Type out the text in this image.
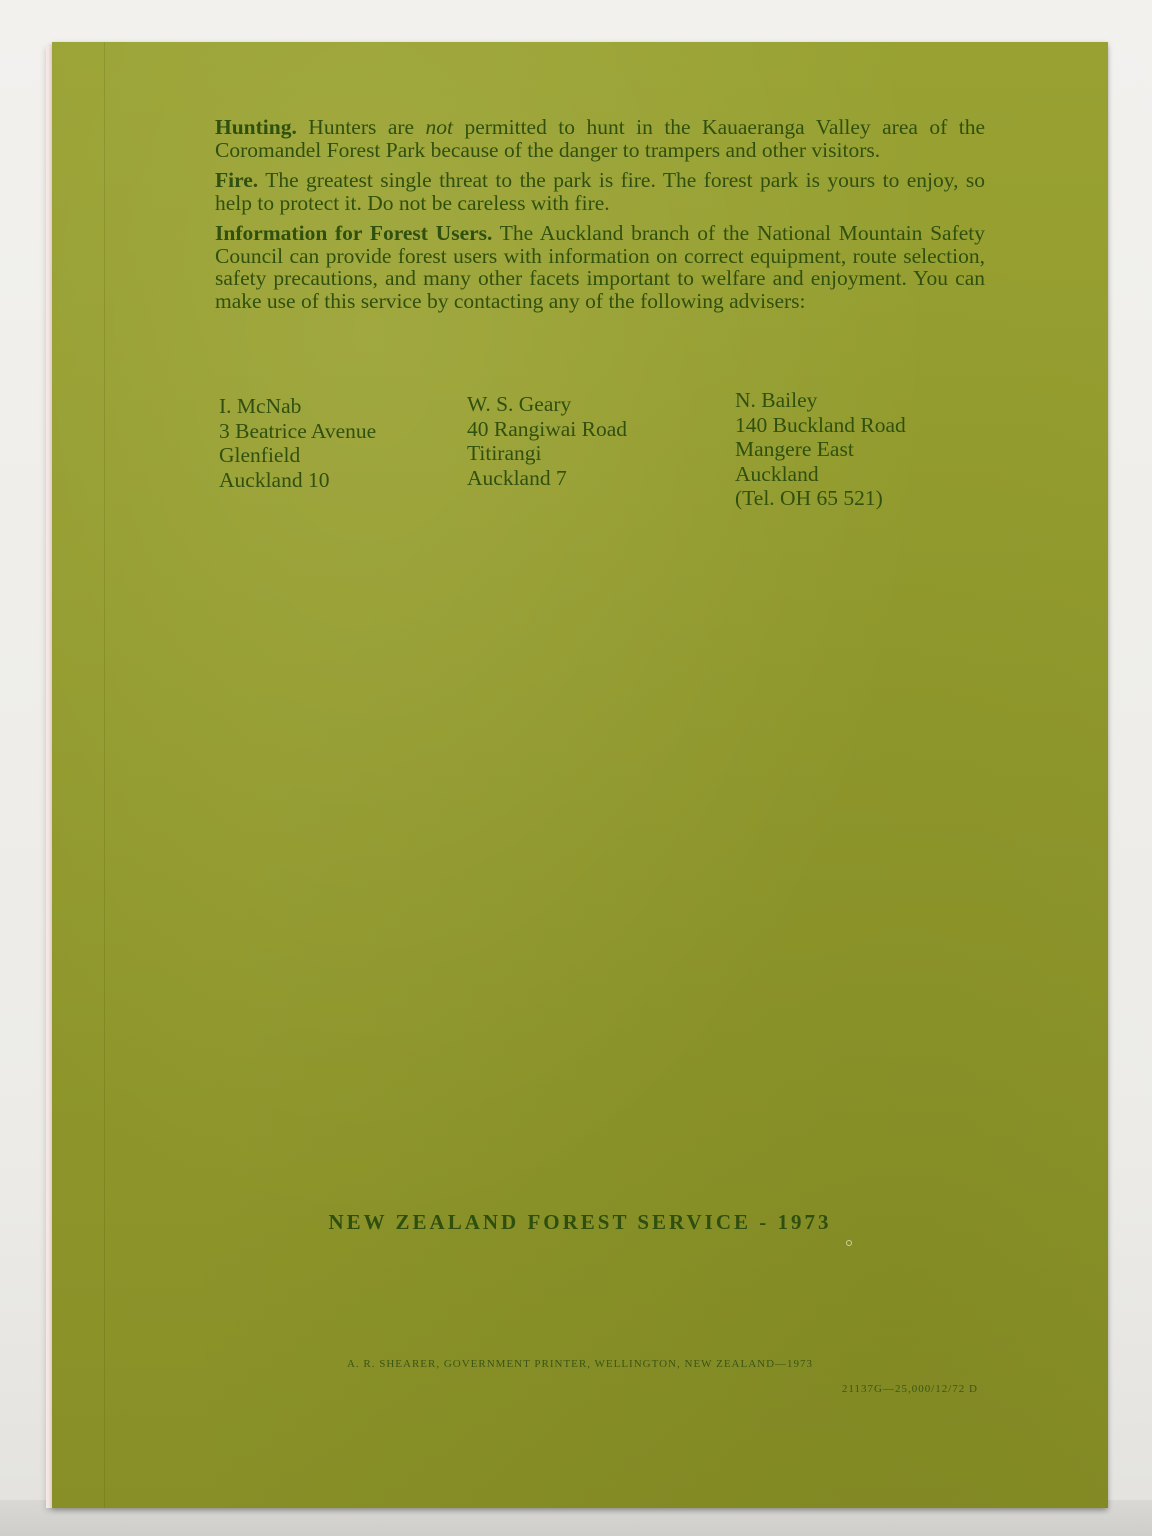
Hunting. Hunters are not permitted to hunt in the Kauaeranga Valley area of the Coromandel Forest Park because of the danger to trampers and other visitors.

Fire. The greatest single threat to the park is fire. The forest park is yours to enjoy, so help to protect it. Do not be careless with fire.

Information for Forest Users. The Auckland branch of the National Mountain Safety Council can provide forest users with information on correct equipment, route selection, safety precautions, and many other facets important to welfare and enjoyment. You can make use of this service by contacting any of the following advisers:

I. McNab
3 Beatrice Avenue
Glenfield
Auckland 10
W. S. Geary
40 Rangiwai Road
Titirangi
Auckland 7
N. Bailey
140 Buckland Road
Mangere East
Auckland
(Tel. OH 65 521)
NEW ZEALAND FOREST SERVICE - 1973
A. R. SHEARER, GOVERNMENT PRINTER, WELLINGTON, NEW ZEALAND—1973
21137G—25,000/12/72 D
